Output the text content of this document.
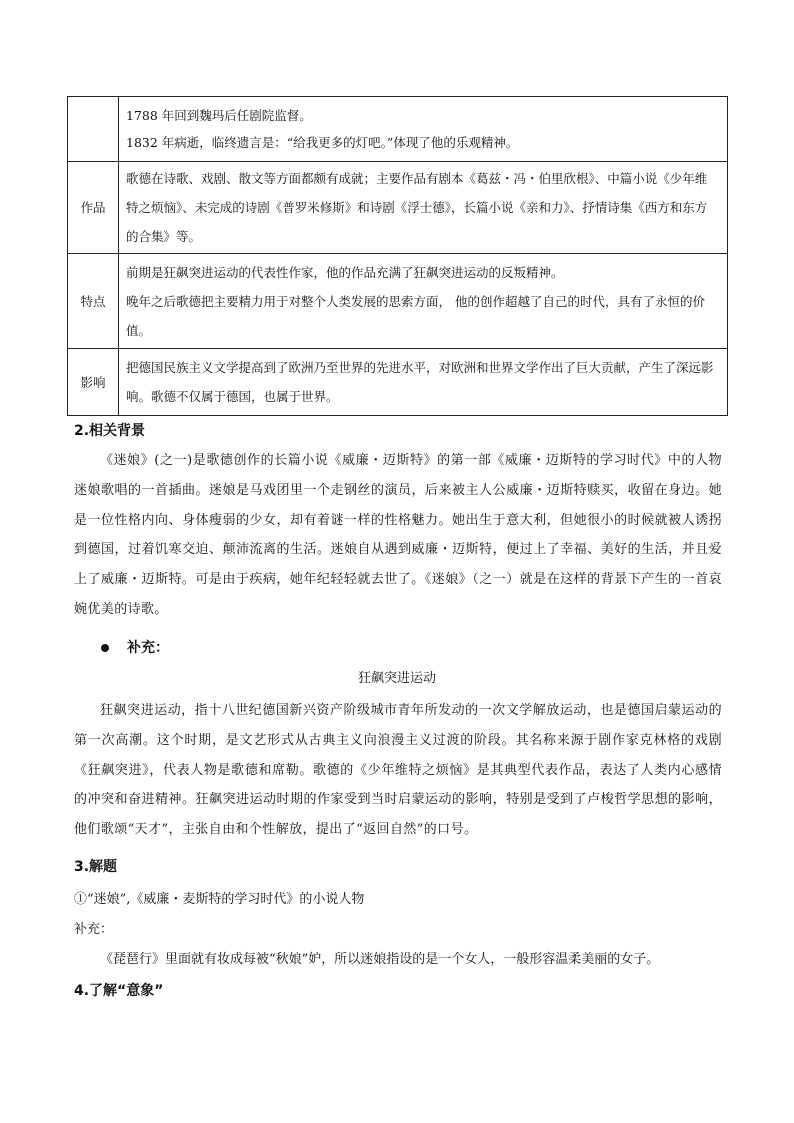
	1788 年回到魏玛后任剧院监督。

1832 年病逝，临终遗言是：“给我更多的灯吧。”体现了他的乐观精神。

作品	歌德在诗歌、戏剧、散文等方面都颇有成就；主要作品有剧本《葛兹・冯・伯里欣根》、中篇小说《少年维特之烦恼》、未完成的诗剧《普罗米修斯》和诗剧《浮士德》，长篇小说《亲和力》、抒情诗集《西方和东方的合集》等。

特点	前期是狂飙突进运动的代表性作家，他的作品充满了狂飙突进运动的反叛精神。

晚年之后歌德把主要精力用于对整个人类发展的思索方面， 他的创作超越了自己的时代，具有了永恒的价值。

影响	把德国民族主义文学提高到了欧洲乃至世界的先进水平，对欧洲和世界文学作出了巨大贡献，产生了深远影响。歌德不仅属于德国，也属于世界。

2.相关背景

《迷娘》(之一)是歌德创作的长篇小说《威廉・迈斯特》的第一部《威廉・迈斯特的学习时代》中的人物迷娘歌唱的一首插曲。迷娘是马戏团里一个走钢丝的演员，后来被主人公威廉・迈斯特赎买，收留在身边。她是一位性格内向、身体瘦弱的少女，却有着谜一样的性格魅力。她出生于意大利，但她很小的时候就被人诱拐到德国，过着饥寒交迫、颠沛流离的生活。迷娘自从遇到威廉・迈斯特，便过上了幸福、美好的生活，并且爱上了威廉・迈斯特。可是由于疾病，她年纪轻轻就去世了。《迷娘》（之一）就是在这样的背景下产生的一首哀婉优美的诗歌。

补充：
狂飙突进运动

狂飙突进运动，指十八世纪德国新兴资产阶级城市青年所发动的一次文学解放运动，也是德国启蒙运动的第一次高潮。这个时期，是文艺形式从古典主义向浪漫主义过渡的阶段。其名称来源于剧作家克林格的戏剧《狂飙突进》，代表人物是歌德和席勒。歌德的《少年维特之烦恼》是其典型代表作品，表达了人类内心感情的冲突和奋进精神。狂飙突进运动时期的作家受到当时启蒙运动的影响，特别是受到了卢梭哲学思想的影响，他们歌颂“天才”，主张自由和个性解放，提出了“返回自然”的口号。

3.解题
①“迷娘”,《威廉・麦斯特的学习时代》的小说人物
补充：
《琵琶行》里面就有妆成每被“秋娘”妒，所以迷娘指设的是一个女人，一般形容温柔美丽的女子。
4.了解“意象”
